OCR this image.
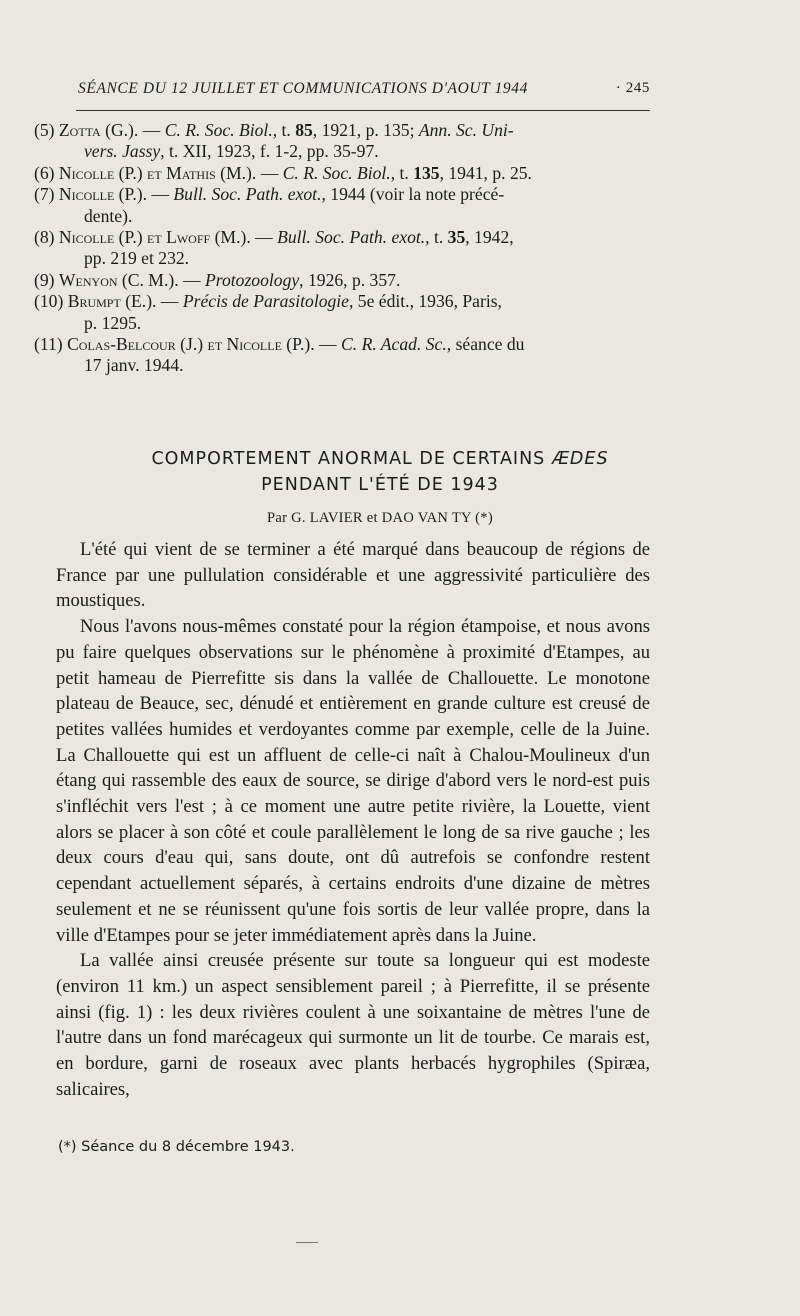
SÉANCE DU 12 JUILLET ET COMMUNICATIONS D'AOUT 1944	· 245
(5) Zotta (G.). — C. R. Soc. Biol., t. 85, 1921, p. 135; Ann. Sc. Uni-
vers. Jassy, t. XII, 1923, f. 1-2, pp. 35-97.
(6) Nicolle (P.) et Mathis (M.). — C. R. Soc. Biol., t. 135, 1941, p. 25.
(7) Nicolle (P.). — Bull. Soc. Path. exot., 1944 (voir la note précé-
dente).
(8) Nicolle (P.) et Lwoff (M.). — Bull. Soc. Path. exot., t. 35, 1942,
pp. 219 et 232.
(9) Wenyon (C. M.). — Protozoology, 1926, p. 357.
(10) Brumpt (E.). — Précis de Parasitologie, 5e édit., 1936, Paris,
p. 1295.
(11) Colas-Belcour (J.) et Nicolle (P.). — C. R. Acad. Sc., séance du
17 janv. 1944.
COMPORTEMENT ANORMAL DE CERTAINS ÆDES
PENDANT L'ÉTÉ DE 1943
Par G. LAVIER et DAO VAN TY (*)

L'été qui vient de se terminer a été marqué dans beaucoup de régions de France par une pullulation considérable et une aggressivité particulière des moustiques.

Nous l'avons nous-mêmes constaté pour la région étampoise, et nous avons pu faire quelques observations sur le phénomène à proximité d'Etampes, au petit hameau de Pierrefitte sis dans la vallée de Challouette. Le monotone plateau de Beauce, sec, dénudé et entièrement en grande culture est creusé de petites vallées humides et verdoyantes comme par exemple, celle de la Juine. La Challouette qui est un affluent de celle-ci naît à Chalou-Moulineux d'un étang qui rassemble des eaux de source, se dirige d'abord vers le nord-est puis s'infléchit vers l'est ; à ce moment une autre petite rivière, la Louette, vient alors se placer à son côté et coule parallèlement le long de sa rive gauche ; les deux cours d'eau qui, sans doute, ont dû autrefois se confondre restent cependant actuellement séparés, à certains endroits d'une dizaine de mètres seulement et ne se réunissent qu'une fois sortis de leur vallée propre, dans la ville d'Etampes pour se jeter immédiatement après dans la Juine.

La vallée ainsi creusée présente sur toute sa longueur qui est modeste (environ 11 km.) un aspect sensiblement pareil ; à Pierrefitte, il se présente ainsi (fig. 1) : les deux rivières coulent à une soixantaine de mètres l'une de l'autre dans un fond marécageux qui surmonte un lit de tourbe. Ce marais est, en bordure, garni de roseaux avec plants herbacés hygrophiles (Spiræa, salicaires,

(*) Séance du 8 décembre 1943.
